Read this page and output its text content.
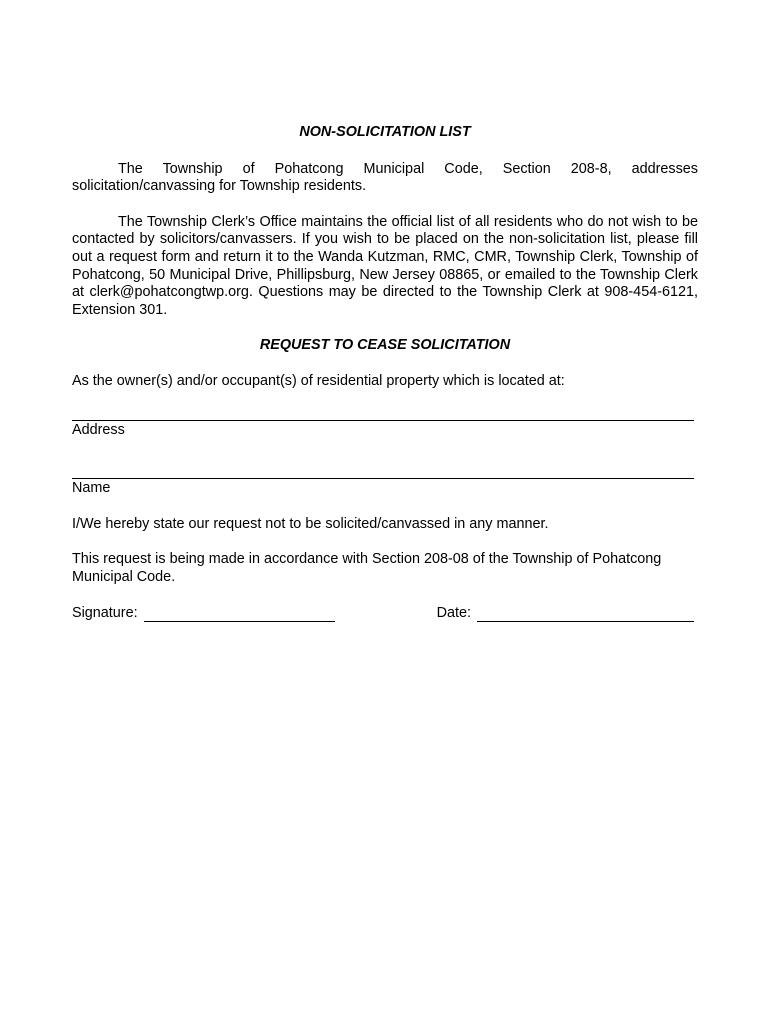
NON-SOLICITATION LIST

The Township of Pohatcong Municipal Code, Section 208-8, addresses solicitation/canvassing for Township residents.

The Township Clerk’s Office maintains the official list of all residents who do not wish to be contacted by solicitors/canvassers. If you wish to be placed on the non-solicitation list, please fill out a request form and return it to the Wanda Kutzman, RMC, CMR, Township Clerk, Township of Pohatcong, 50 Municipal Drive, Phillipsburg, New Jersey 08865, or emailed to the Township Clerk at clerk@pohatcongtwp.org. Questions may be directed to the Township Clerk at 908-454-6121, Extension 301.

REQUEST TO CEASE SOLICITATION

As the owner(s) and/or occupant(s) of residential property which is located at:

Address
Name

I/We hereby state our request not to be solicited/canvassed in any manner.

This request is being made in accordance with Section 208-08 of the Township of Pohatcong Municipal Code.

Signature:	Date:
